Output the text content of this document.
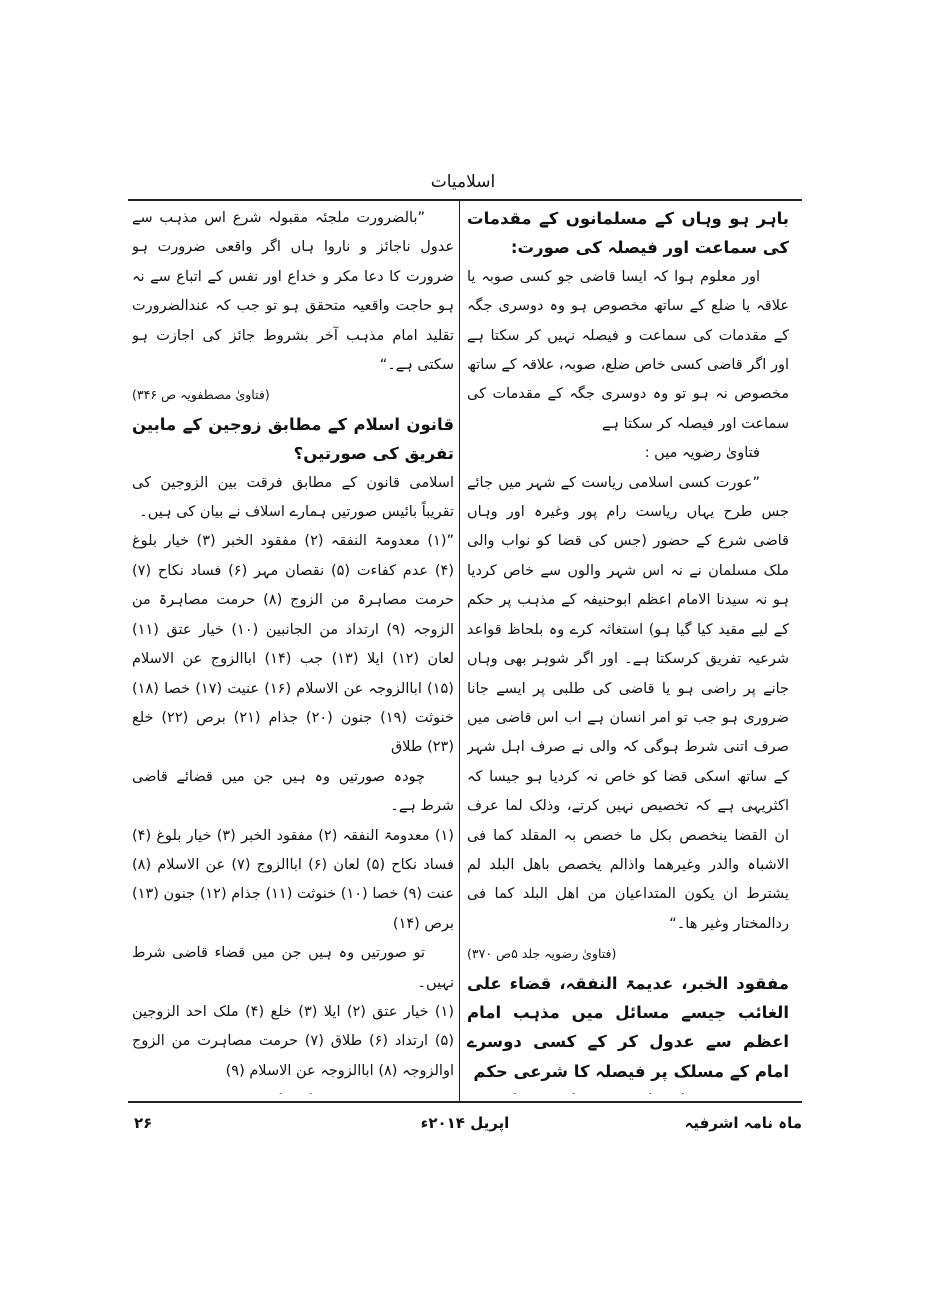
اسلامیات

باہر ہو وہاں کے مسلمانوں کے مقدمات کی سماعت اور فیصلہ کی صورت:

اور معلوم ہوا کہ ایسا قاضی جو کسی صوبہ یا علاقہ یا ضلع کے ساتھ مخصوص ہو وہ دوسری جگہ کے مقدمات کی سماعت و فیصلہ نہیں کر سکتا ہے اور اگر قاضی کسی خاص ضلع، صوبہ، علاقہ کے ساتھ مخصوص نہ ہو تو وہ دوسری جگہ کے مقدمات کی سماعت اور فیصلہ کر سکتا ہے

فتاویٰ رضویہ میں :

”عورت کسی اسلامی ریاست کے شہر میں جائے جس طرح یہاں ریاست رام پور وغیرہ اور وہاں قاضی شرع کے حضور (جس کی قضا کو نواب والی ملک مسلمان نے نہ اس شہر والوں سے خاص کردیا ہو نہ سیدنا الامام اعظم ابوحنیفہ کے مذہب پر حکم کے لیے مقید کیا گیا ہو) استغاثہ کرے وہ بلحاظ قواعد شرعیہ تفریق کرسکتا ہے۔ اور اگر شوہر بھی وہاں جانے پر راضی ہو یا قاضی کی طلبی پر ایسے جانا ضروری ہو جب تو امر انسان ہے اب اس قاضی میں صرف اتنی شرط ہوگی کہ والی نے صرف اہل شہر کے ساتھ اسکی قضا کو خاص نہ کردیا ہو جیسا کہ اکثریہی ہے کہ تخصیص نہیں کرتے، وذلک لما عرف ان القضا ینخصص بکل ما خصص بہ المقلد کما فی الاشباہ والدر وغیرھما واذالم یخصص باھل البلد لم یشترط ان یکون المتداعیان من اھل البلد کما فی ردالمختار وغیر ھا۔“

(فتاویٰ رضویہ جلد ۵ص ۳۷۰)

مفقود الخبر، عدیمۃ النفقہ، قضاء علی الغائب جیسے مسائل میں مذہب امام اعظم سے عدول کر کے کسی دوسرے امام کے مسلک پر فیصلہ کا شرعی حکم

”بالضرورت ملجئہ مقبولہ شرع اس مذہب سے عدول ناجائز و ناروا ہاں اگر واقعی ضرورت ہو ضرورت کا دعا مکر و خداع اور نفس کے اتباع سے نہ ہو حاجت واقعیہ متحقق ہو تو جب کہ عندالضرورت تقلید امام مذہب آخر بشروط جائز کی اجازت ہو سکتی ہے۔“

(فتاویٰ مصطفویہ ص ۳۴۶)

قانون اسلام کے مطابق زوجین کے مابین تفریق کی صورتیں؟

اسلامی قانون کے مطابق فرقت بین الزوجین کی تقریباً بائیس صورتیں ہمارے اسلاف نے بیان کی ہیں۔

”(۱) معدومۃ النفقہ (۲) مفقود الخبر (۳) خیار بلوغ (۴) عدم کفاءت (۵) نقصان مہر (۶) فساد نکاح (۷) حرمت مصاہرۃ من الزوج (۸) حرمت مصاہرۃ من الزوجہ (۹) ارتداد من الجانبین (۱۰) خیار عتق (۱۱) لعان (۱۲) ایلا (۱۳) جب (۱۴) اباالزوج عن الاسلام (۱۵) اباالزوجہ عن الاسلام (۱۶) عنیت (۱۷) خصا (۱۸) خنوثت (۱۹) جنون (۲۰) جذام (۲۱) برص (۲۲) خلع (۲۳) طلاق

چودہ صورتیں وہ ہیں جن میں قضائے قاضی شرط ہے۔

(۱) معدومۃ النفقہ (۲) مفقود الخبر (۳) خیار بلوغ (۴) فساد نکاح (۵) لعان (۶) اباالزوج (۷) عن الاسلام (۸) عنت (۹) خصا (۱۰) خنوثت (۱۱) جذام (۱۲) جنون (۱۳) برص (۱۴)

تو صورتیں وہ ہیں جن میں قضاء قاضی شرط نہیں۔

(۱) خیار عتق (۲) ایلا (۳) خلع (۴) ملک احد الزوجین (۵) ارتداد (۶) طلاق (۷) حرمت مصاہرت من الزوج اوالزوجہ (۸) اباالزوجہ عن الاسلام (۹)

ماہ نامہ اشرفیہ
اپریل ۲۰۱۴ء
۲۶
